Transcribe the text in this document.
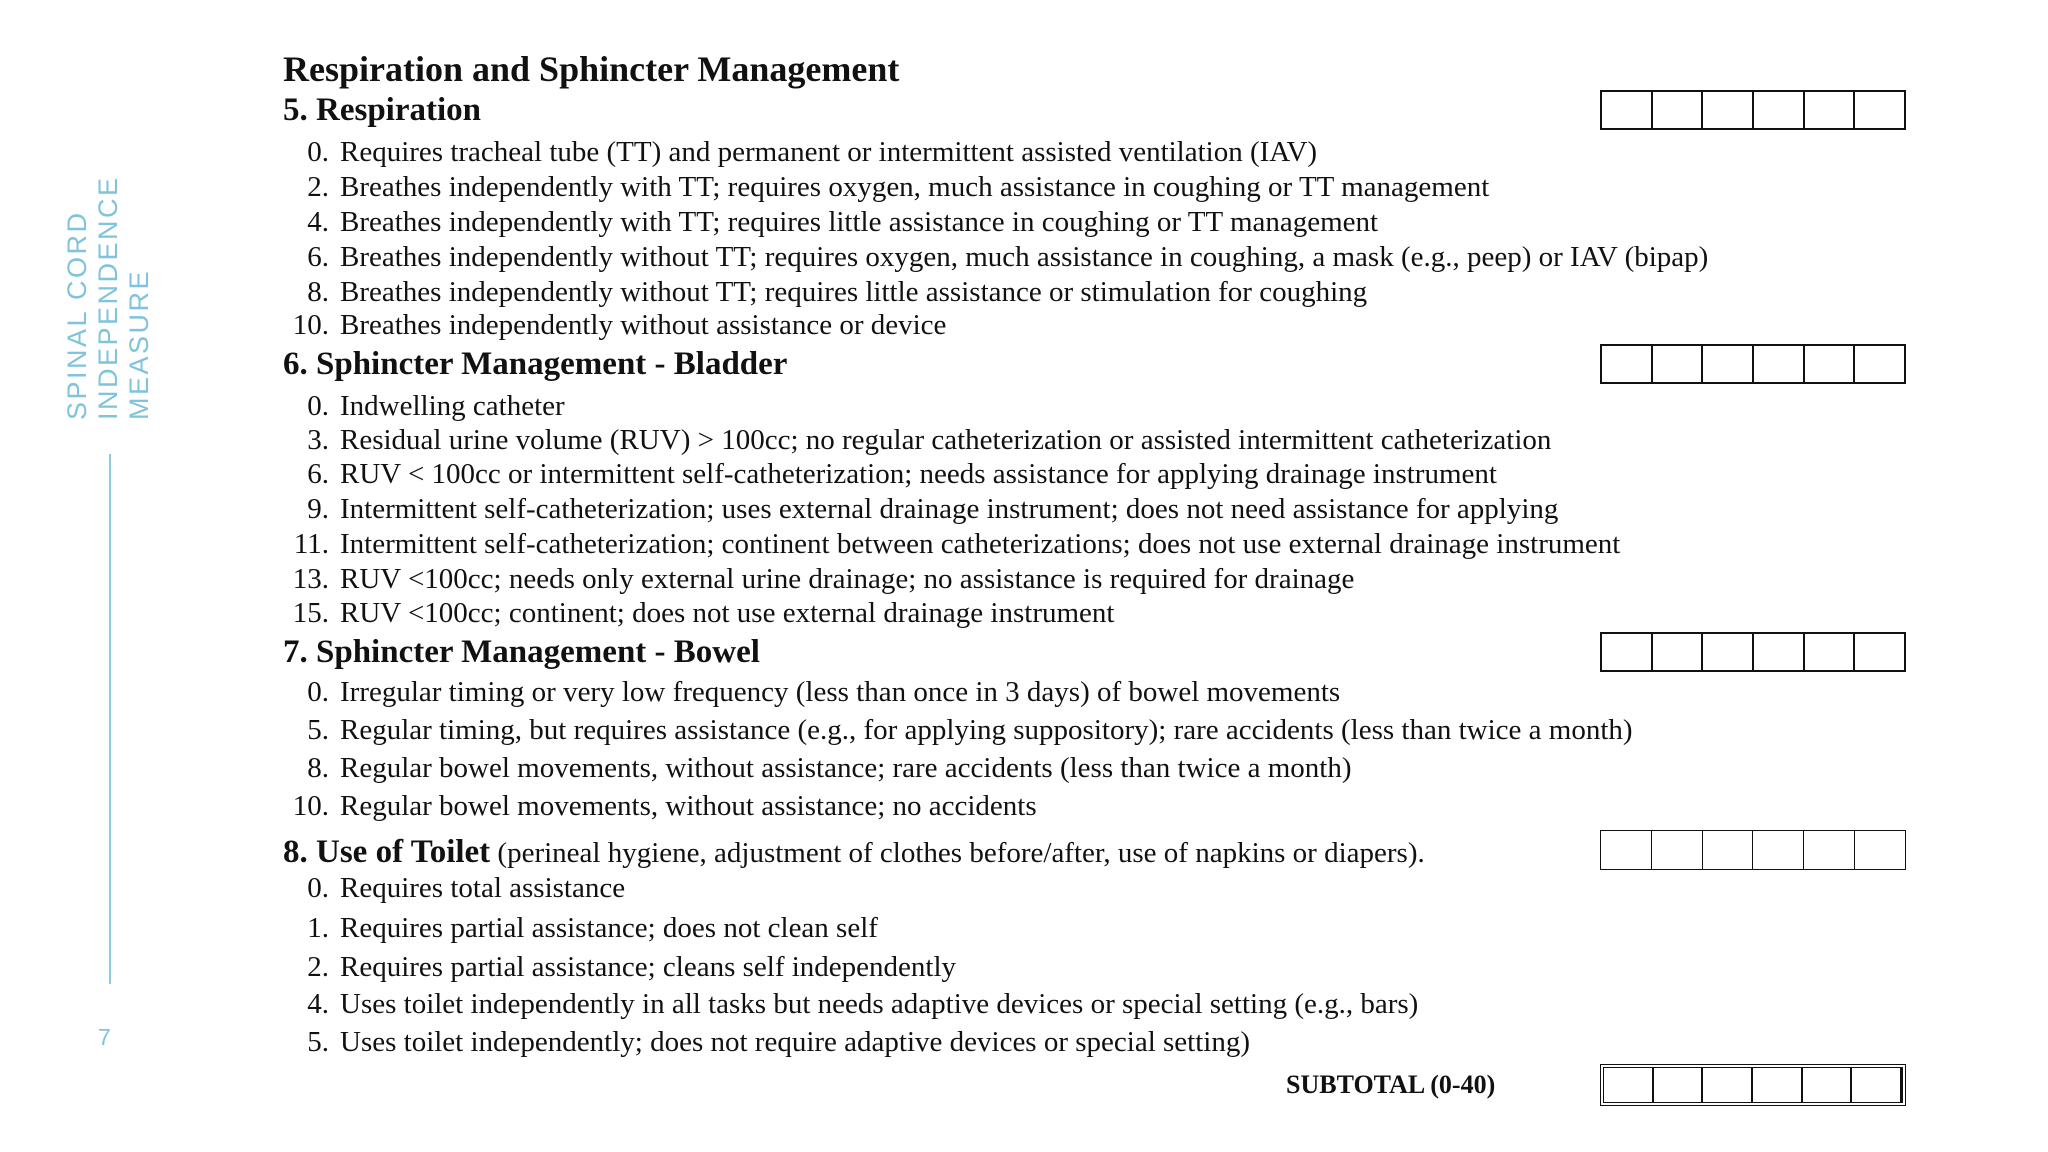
SPINAL CORD INDEPENDENCE MEASURE
7
Respiration and Sphincter Management
5. Respiration
0. Requires tracheal tube (TT) and permanent or intermittent assisted ventilation (IAV)
2. Breathes independently with TT; requires oxygen, much assistance in coughing or TT management
4. Breathes independently with TT; requires little assistance in coughing or TT management
6. Breathes independently without TT; requires oxygen, much assistance in coughing, a mask (e.g., peep) or IAV (bipap)
8. Breathes independently without TT; requires little assistance or stimulation for coughing
10. Breathes independently without assistance or device
6. Sphincter Management - Bladder
0. Indwelling catheter
3. Residual urine volume (RUV) > 100cc; no regular catheterization or assisted intermittent catheterization
6. RUV < 100cc or intermittent self-catheterization; needs assistance for applying drainage instrument
9. Intermittent self-catheterization; uses external drainage instrument; does not need assistance for applying
11. Intermittent self-catheterization; continent between catheterizations; does not use external drainage instrument
13. RUV <100cc; needs only external urine drainage; no assistance is required for drainage
15. RUV <100cc; continent; does not use external drainage instrument
7. Sphincter Management - Bowel
0. Irregular timing or very low frequency (less than once in 3 days) of bowel movements
5. Regular timing, but requires assistance (e.g., for applying suppository); rare accidents (less than twice a month)
8. Regular bowel movements, without assistance; rare accidents (less than twice a month)
10. Regular bowel movements, without assistance; no accidents
8. Use of Toilet (perineal hygiene, adjustment of clothes before/after, use of napkins or diapers).
0. Requires total assistance
1. Requires partial assistance; does not clean self
2. Requires partial assistance; cleans self independently
4. Uses toilet independently in all tasks but needs adaptive devices or special setting (e.g., bars)
5. Uses toilet independently; does not require adaptive devices or special setting)
SUBTOTAL (0-40)
